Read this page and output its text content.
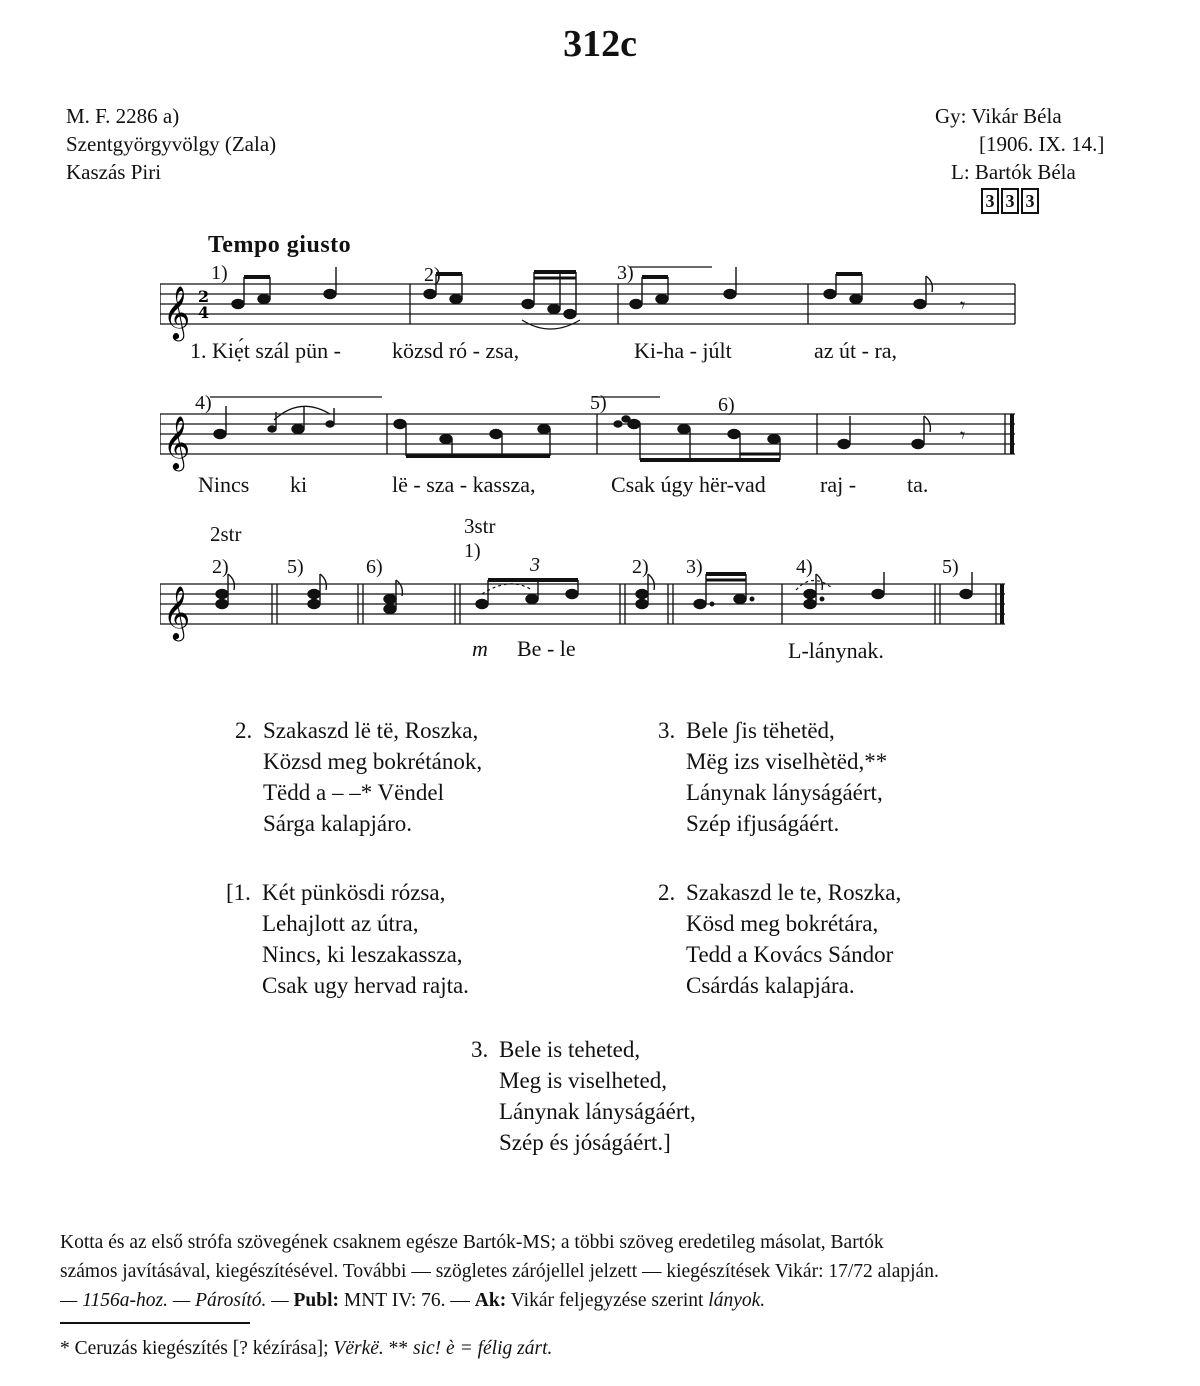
312c
M. F. 2286 a)
Szentgyörgyvölgy (Zala)
Kaszás Piri
Gy: Vikár Béla
[1906. IX. 14.]
L: Bartók Béla
3 3 3
Tempo giusto
𝄞 2
4	𝄾
1)	2)	3)
1. Kiẹ́t szál pün - közsd ró - zsa,	Ki-ha - júlt	az út - ra,
𝄞	𝄾
4)	5)	6)
Nincs ki	lë - sza - kassza,	Csak úgy hër-vad raj - ta.
2str	3str
𝄞
2)	5)	6)
1)
3	2) 3)	4)	5)
m Be - le	L-lánynak.
2. Szakaszd lë të, Roszka,
Közsd meg bokrétánok,
Tëdd a – –* Vëndel
Sárga kalapjáro.
3. Bele ʃis tëhetëd,
Mëg izs viselhètëd,**
Lánynak lányságáért,
Szép ifjuságáért.
[1. Két pünkösdi rózsa,
Lehajlott az útra,
Nincs, ki leszakassza,
Csak ugy hervad rajta.
2. Szakaszd le te, Roszka,
Kösd meg bokrétára,
Tedd a Kovács Sándor
Csárdás kalapjára.
3. Bele is teheted,
Meg is viselheted,
Lánynak lányságáért,
Szép és jóságáért.]
Kotta és az első strófa szövegének csaknem egésze Bartók-MS; a többi szöveg eredetileg másolat, Bartók
számos javításával, kiegészítésével. További — szögletes zárójellel jelzett — kiegészítések Vikár: 17/72 alapján.
— 1156a-hoz. — Párosító. — Publ: MNT IV: 76. — Ak: Vikár feljegyzése szerint lányok.
* Ceruzás kiegészítés [? kézírása]; Vërkë. ** sic! è = félig zárt.
